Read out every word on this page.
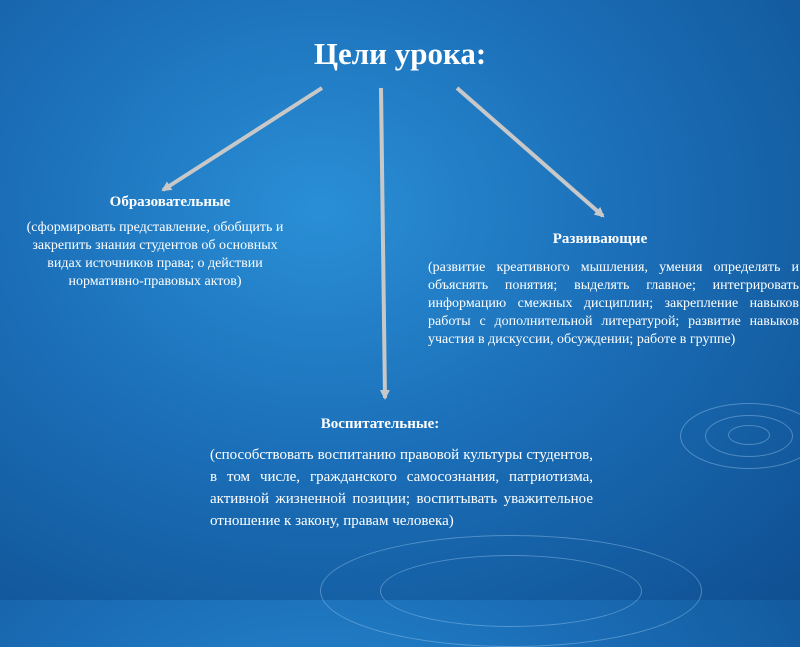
Цели урока:
Образовательные
(сформировать представление, обобщить и закрепить знания студентов об основных видах источников права; о действии нормативно-правовых актов)
Развивающие
(развитие креативного мышления, умения определять и объяснять понятия; выделять главное; интегрировать информацию смежных дисциплин; закрепление навыков работы с дополнительной литературой; развитие навыков участия в дискуссии, обсуждении; работе в группе)
Воспитательные:
(способствовать воспитанию правовой культуры студентов, в том числе, гражданского самосознания, патриотизма, активной жизненной позиции; воспитывать уважительное отношение к закону, правам человека)
